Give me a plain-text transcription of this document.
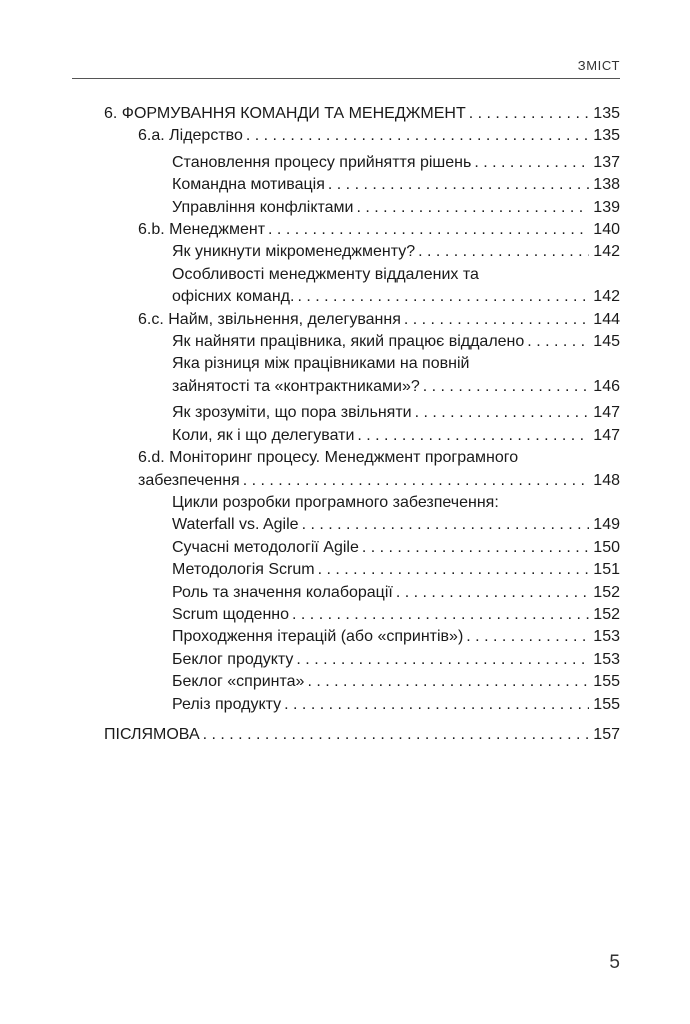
ЗМІСТ
6. ФОРМУВАННЯ КОМАНДИ ТА МЕНЕДЖМЕНТ . . .	135
6.a. Лідерство . . .	135
Становлення процесу прийняття рішень . . .	137
Командна мотивація . . .	138
Управління конфліктами . . .	139
6.b. Менеджмент . . .	140
Як уникнути мікроменеджменту? . . .	142
Особливості менеджменту віддалених та
офісних команд. . . .	142
6.c. Найм, звільнення, делегування . . .	144
Як найняти працівника, який працює віддалено . . .	145
Яка різниця між працівниками на повній
зайнятості та «контрактниками»? . . .	146
Як зрозуміти, що пора звільняти . . .	147
Коли, як і що делегувати . . .	147
6.d. Моніторинг процесу. Менеджмент програмного
забезпечення . . .	148
Цикли розробки програмного забезпечення:
Waterfall vs. Agile . . .	149
Сучасні методології Agile . . .	150
Методологія Scrum . . .	151
Роль та значення колаборації . . .	152
Scrum щоденно . . .	152
Проходження ітерацій (або «спринтів») . . .	153
Беклог продукту . . .	153
Беклог «спринта» . . .	155
Реліз продукту . . .	155
ПІСЛЯМОВА . . .	157
5
